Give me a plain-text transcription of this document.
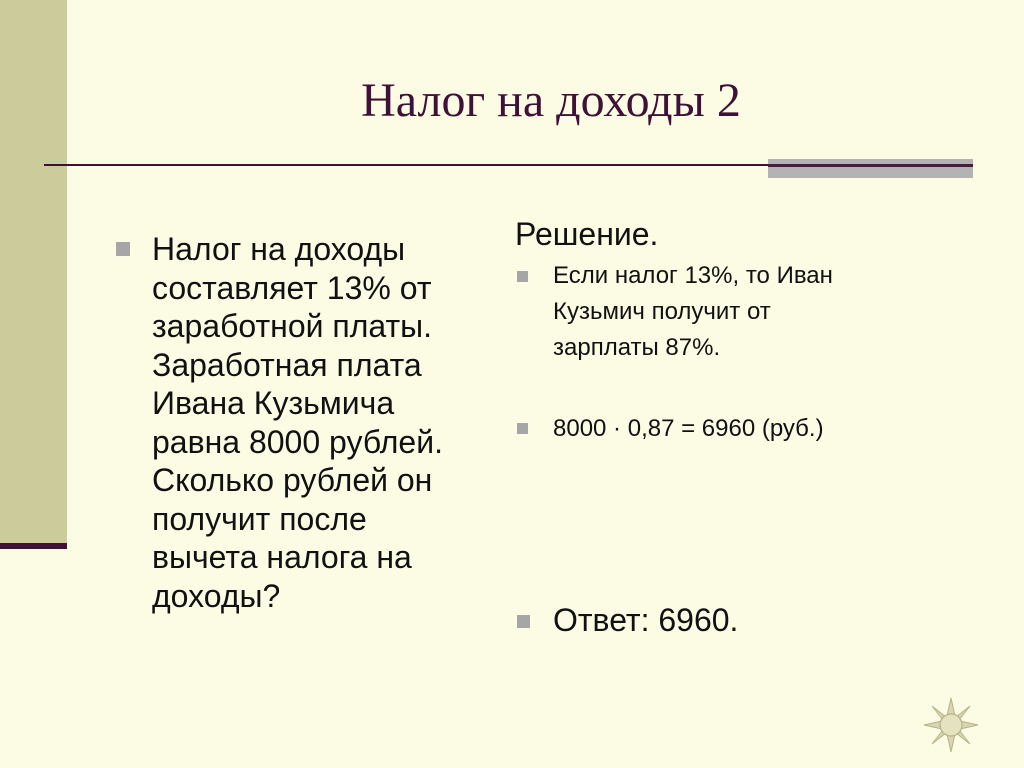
Налог на доходы 2
Налог на доходы
составляет 13% от
заработной платы.
Заработная плата
Ивана Кузьмича
равна 8000 рублей.
Сколько рублей он
получит после
вычета налога на
доходы?
Решение.
Если налог 13%, то Иван
Кузьмич получит от
зарплаты 87%.
8000 · 0,87 = 6960 (руб.)
Ответ: 6960.
